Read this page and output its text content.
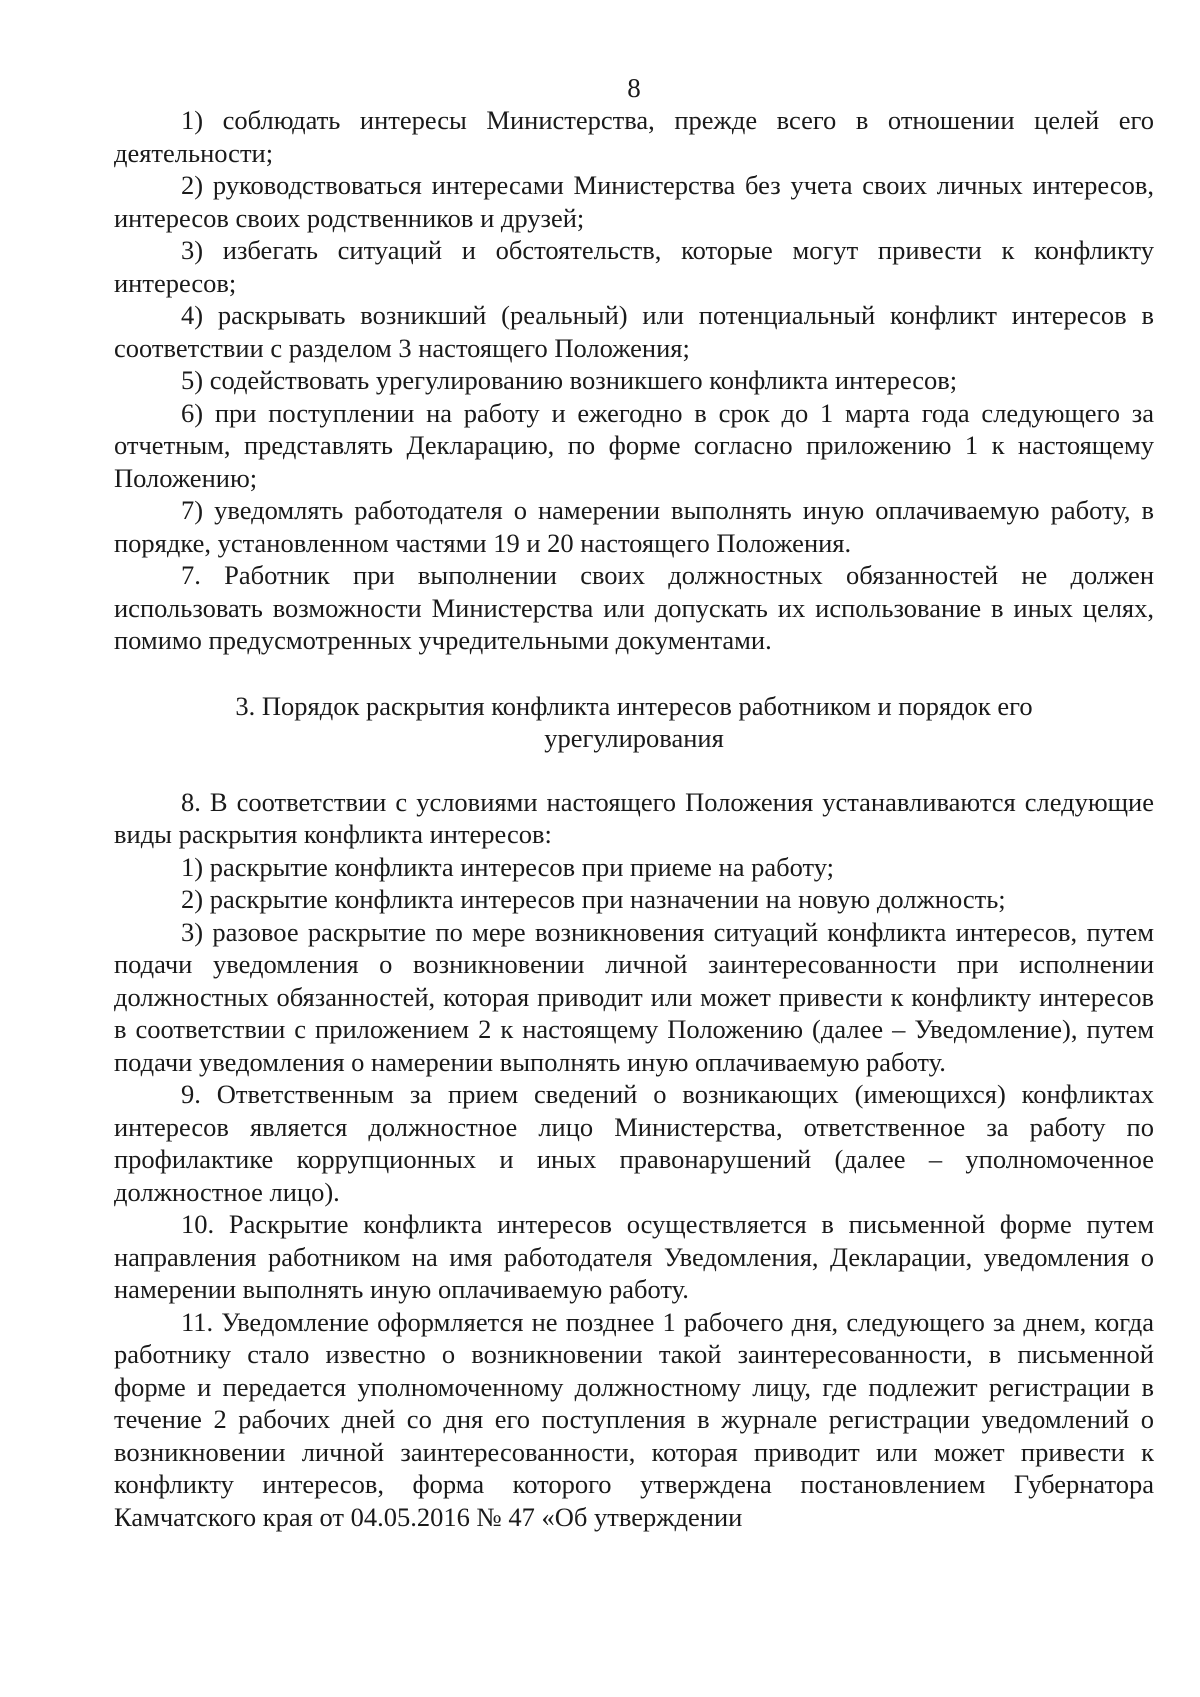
8

1) соблюдать интересы Министерства, прежде всего в отношении целей его деятельности;

2) руководствоваться интересами Министерства без учета своих личных интересов, интересов своих родственников и друзей;

3) избегать ситуаций и обстоятельств, которые могут привести к конфликту интересов;

4) раскрывать возникший (реальный) или потенциальный конфликт интересов в соответствии с разделом 3 настоящего Положения;

5) содействовать урегулированию возникшего конфликта интересов;

6) при поступлении на работу и ежегодно в срок до 1 марта года следующего за отчетным, представлять Декларацию, по форме согласно приложению 1 к настоящему Положению;

7) уведомлять работодателя о намерении выполнять иную оплачиваемую работу, в порядке, установленном частями 19 и 20 настоящего Положения.

7. Работник при выполнении своих должностных обязанностей не должен использовать возможности Министерства или допускать их использование в иных целях, помимо предусмотренных учредительными документами.

3. Порядок раскрытия конфликта интересов работником и порядок его урегулирования

8. В соответствии с условиями настоящего Положения устанавливаются следующие виды раскрытия конфликта интересов:

1) раскрытие конфликта интересов при приеме на работу;

2) раскрытие конфликта интересов при назначении на новую должность;

3) разовое раскрытие по мере возникновения ситуаций конфликта интересов, путем подачи уведомления о возникновении личной заинтересованности при исполнении должностных обязанностей, которая приводит или может привести к конфликту интересов в соответствии с приложением 2 к настоящему Положению (далее – Уведомление), путем подачи уведомления о намерении выполнять иную оплачиваемую работу.

9. Ответственным за прием сведений о возникающих (имеющихся) конфликтах интересов является должностное лицо Министерства, ответственное за работу по профилактике коррупционных и иных правонарушений (далее – уполномоченное должностное лицо).

10. Раскрытие конфликта интересов осуществляется в письменной форме путем направления работником на имя работодателя Уведомления, Декларации, уведомления о намерении выполнять иную оплачиваемую работу.

11. Уведомление оформляется не позднее 1 рабочего дня, следующего за днем, когда работнику стало известно о возникновении такой заинтересованности, в письменной форме и передается уполномоченному должностному лицу, где подлежит регистрации в течение 2 рабочих дней со дня его поступления в журнале регистрации уведомлений о возникновении личной заинтересованности, которая приводит или может привести к конфликту интересов, форма которого утверждена постановлением Губернатора Камчатского края от 04.05.2016 № 47 «Об утверждении
